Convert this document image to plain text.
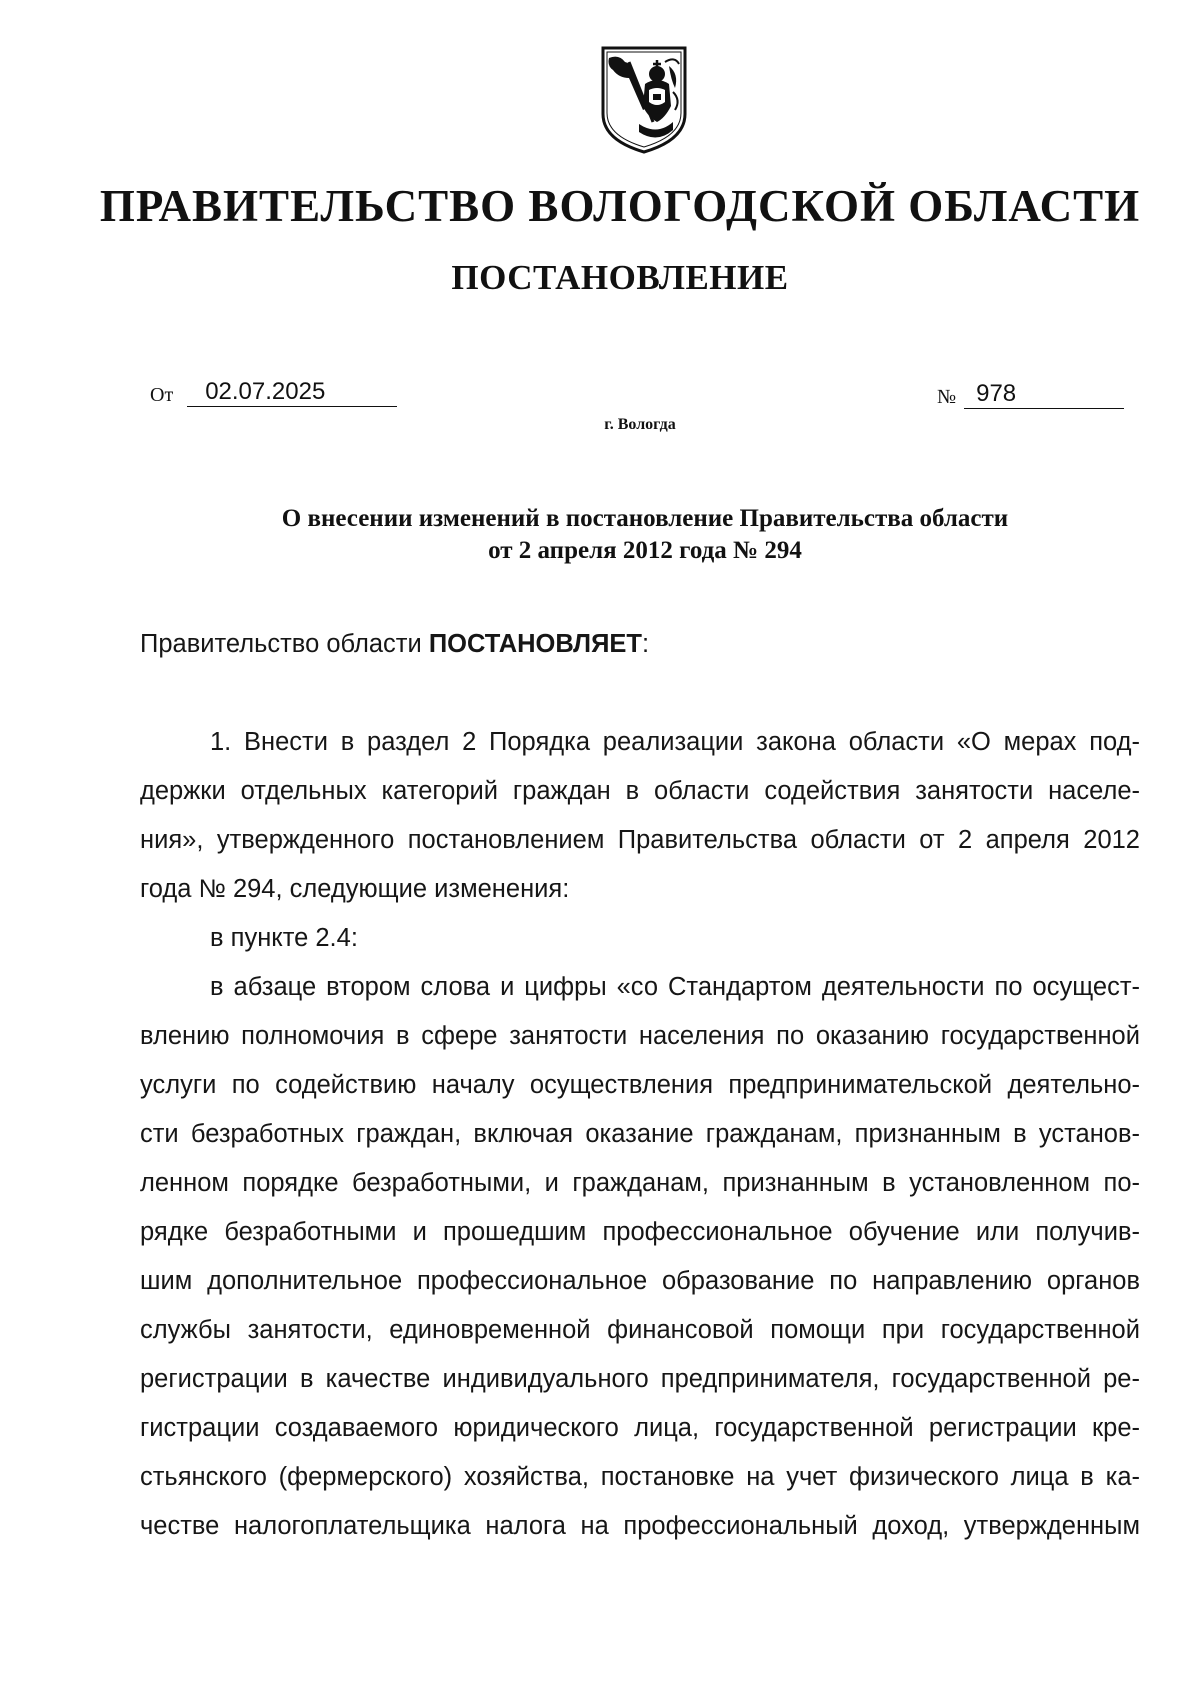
ПРАВИТЕЛЬСТВО ВОЛОГОДСКОЙ ОБЛАСТИ
ПОСТАНОВЛЕНИЕ
От 02.07.2025	№ 978
г. Вологда
О внесении изменений в постановление Правительства области
от 2 апреля 2012 года № 294
Правительство области ПОСТАНОВЛЯЕТ:
1. Внести в раздел 2 Порядка реализации закона области «О мерах под-
держки отдельных категорий граждан в области содействия занятости населе-
ния», утвержденного постановлением Правительства области от 2 апреля 2012
года № 294, следующие изменения:
в пункте 2.4:
в абзаце втором слова и цифры «со Стандартом деятельности по осущест-
влению полномочия в сфере занятости населения по оказанию государственной
услуги по содействию началу осуществления предпринимательской деятельно-
сти безработных граждан, включая оказание гражданам, признанным в установ-
ленном порядке безработными, и гражданам, признанным в установленном по-
рядке безработными и прошедшим профессиональное обучение или получив-
шим дополнительное профессиональное образование по направлению органов
службы занятости, единовременной финансовой помощи при государственной
регистрации в качестве индивидуального предпринимателя, государственной ре-
гистрации создаваемого юридического лица, государственной регистрации кре-
стьянского (фермерского) хозяйства, постановке на учет физического лица в ка-
честве налогоплательщика налога на профессиональный доход, утвержденным
